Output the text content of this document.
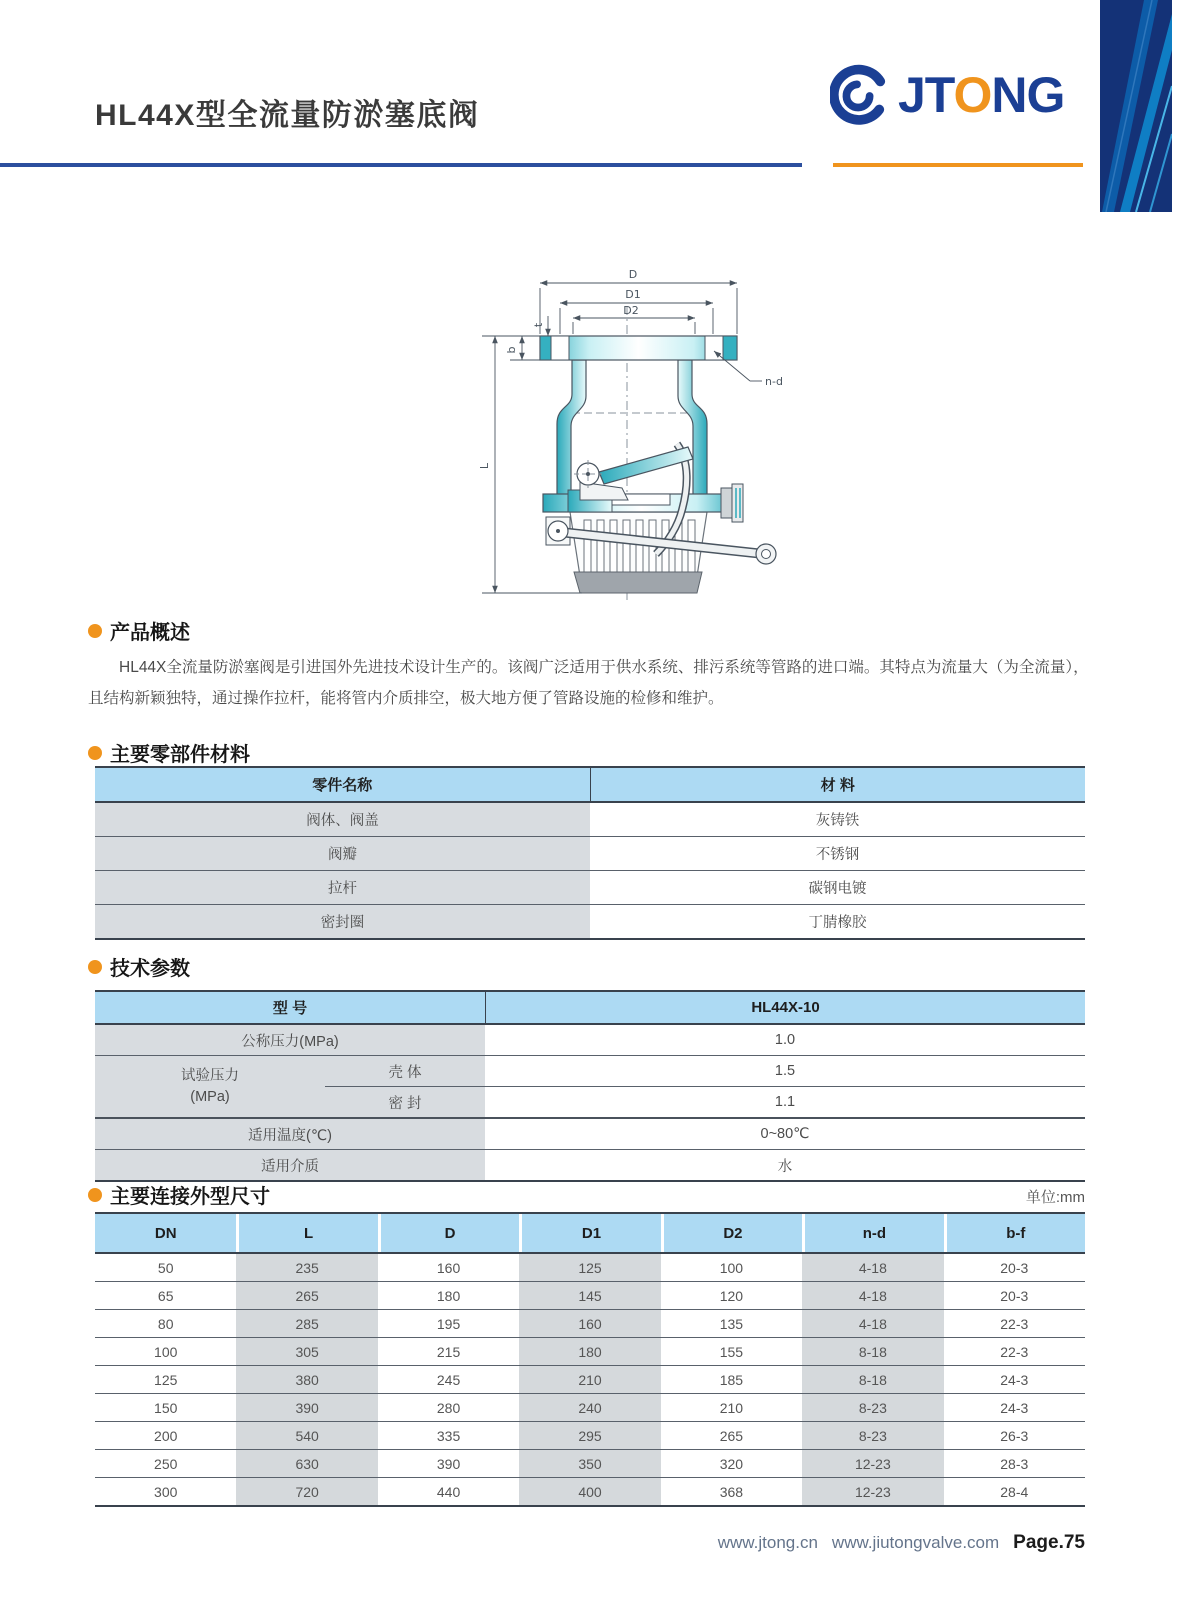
HL44X型全流量防淤塞底阀	JTONG
D
D1
D2
L
b
t
n-d
产品概述
HL44X全流量防淤塞阀是引进国外先进技术设计生产的。该阀广泛适用于供水系统、排污系统等管路的进口端。其特点为流量大（为全流量），且结构新颖独特，通过操作拉杆，能将管内介质排空，极大地方便了管路设施的检修和维护。
主要零部件材料
零件名称	材 料
阀体、阀盖	灰铸铁
阀瓣	不锈钢
拉杆	碳钢电镀
密封圈	丁腈橡胶
技术参数
型 号	HL44X-10
公称压力(MPa)	1.0
试验压力
(MPa)
壳 体	1.5
密 封	1.1
适用温度(℃)	0~80℃
适用介质	水
主要连接外型尺寸	单位:mm
DN	L	D	D1	D2	n-d	b-f
50	235	160	125	100	4-18	20-3
65	265	180	145	120	4-18	20-3
80	285	195	160	135	4-18	22-3
100	305	215	180	155	8-18	22-3
125	380	245	210	185	8-18	24-3
150	390	280	240	210	8-23	24-3
200	540	335	295	265	8-23	26-3
250	630	390	350	320	12-23	28-3
300	720	440	400	368	12-23	28-4
www.jtong.cn www.jiutongvalve.com Page.75
